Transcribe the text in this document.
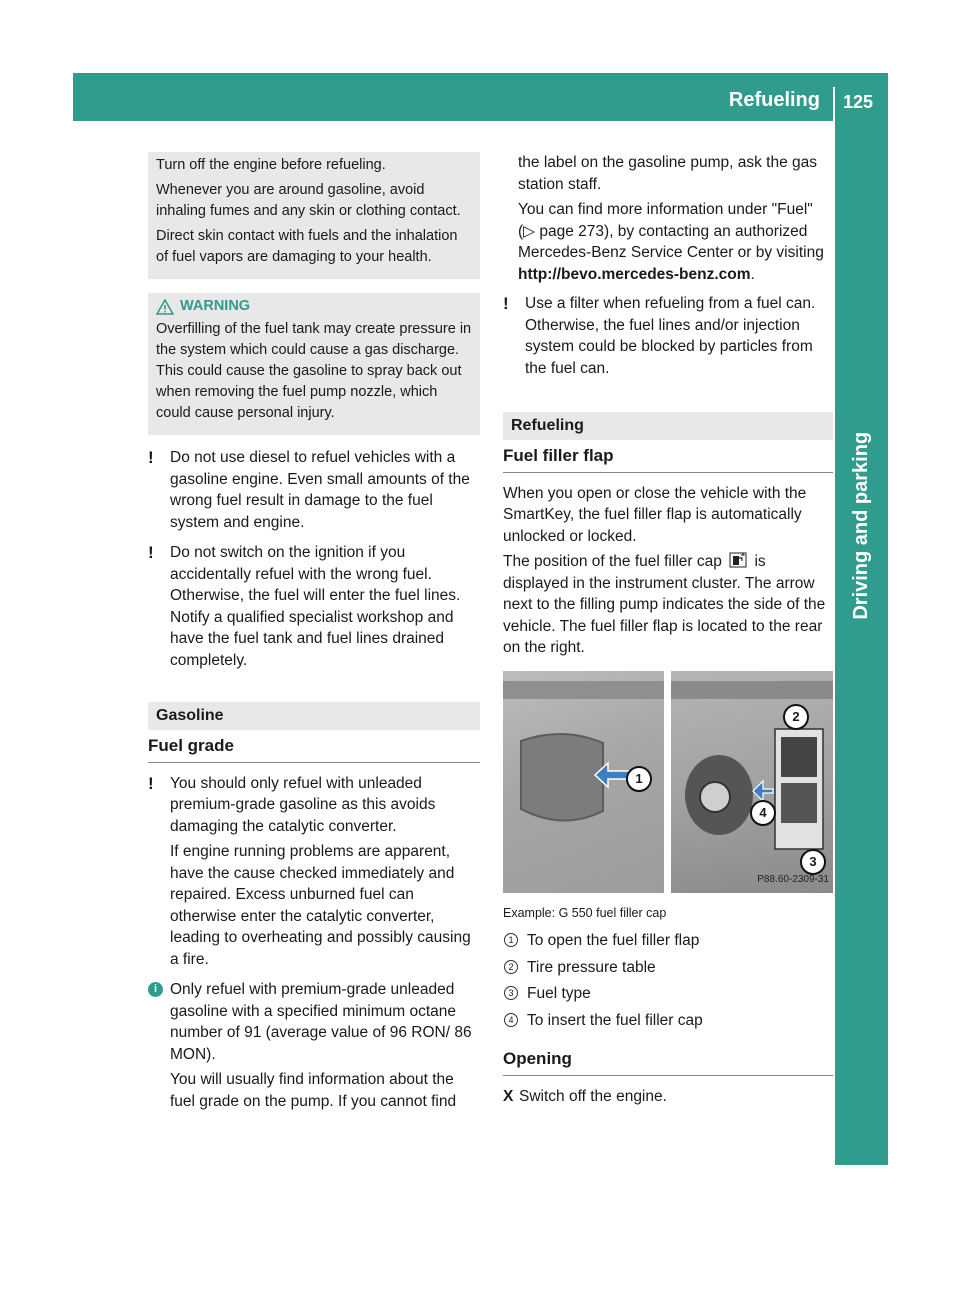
Refueling 125
Driving and parking

Turn off the engine before refueling.

Whenever you are around gasoline, avoid inhaling fumes and any skin or clothing contact.

Direct skin contact with fuels and the inhalation of fuel vapors are damaging to your health.

WARNING

Overfilling of the fuel tank may create pressure in the system which could cause a gas discharge. This could cause the gasoline to spray back out when removing the fuel pump nozzle, which could cause personal injury.

! Do not use diesel to refuel vehicles with a gasoline engine. Even small amounts of the wrong fuel result in damage to the fuel system and engine.

! Do not switch on the ignition if you accidentally refuel with the wrong fuel. Otherwise, the fuel will enter the fuel lines. Notify a qualified specialist workshop and have the fuel tank and fuel lines drained completely.

Gasoline
Fuel grade
! You should only refuel with unleaded premium-grade gasoline as this avoids damaging the catalytic converter.

If engine running problems are apparent, have the cause checked immediately and repaired. Excess unburned fuel can otherwise enter the catalytic converter, leading to overheating and possibly causing a fire.

i Only refuel with premium-grade unleaded gasoline with a specified minimum octane number of 91 (average value of 96 RON/ 86 MON).

You will usually find information about the fuel grade on the pump. If you cannot find

the label on the gasoline pump, ask the gas station staff.

You can find more information under "Fuel" (▷ page 273), by contacting an authorized Mercedes-Benz Service Center or by visiting http://bevo.mercedes-benz.com.

! Use a filter when refueling from a fuel can. Otherwise, the fuel lines and/or injection system could be blocked by particles from the fuel can.

Refueling
Fuel filler flap

When you open or close the vehicle with the SmartKey, the fuel filler flap is automatically unlocked or locked.

The position of the fuel filler cap is displayed in the instrument cluster. The arrow next to the filling pump indicates the side of the vehicle. The fuel filler flap is located to the rear on the right.

1
2
4
3
P88.60-2309-31
Example: G 550 fuel filler cap
1 To open the fuel filler flap
2 Tire pressure table
3 Fuel type
4 To insert the fuel filler cap
Opening
X Switch off the engine.
